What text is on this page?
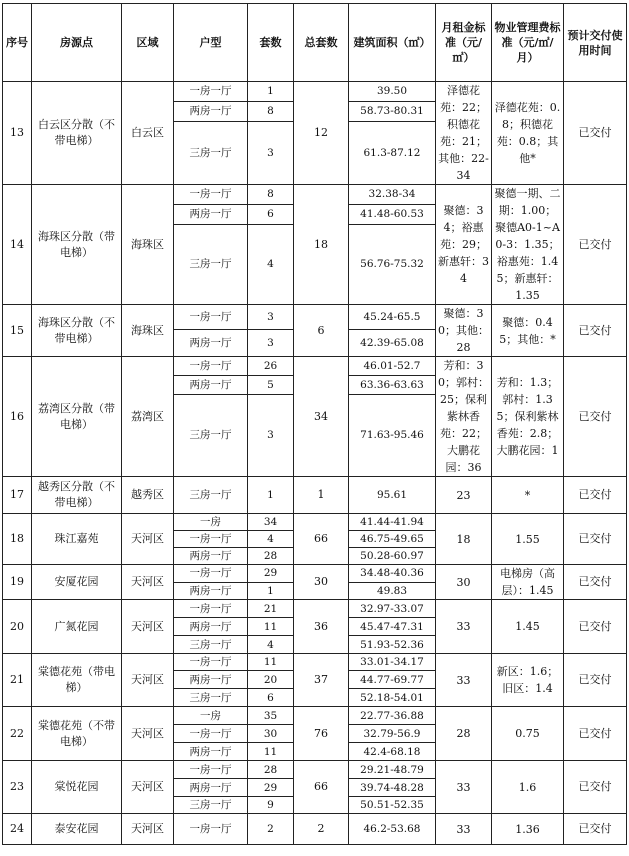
序号	房源点	区域	户型	套数	总套数	建筑面积（㎡）	月租金标准（元/㎡）	物业管理费标准（元/㎡/月）	预计交付使用时间
13	白云区分散（不带电梯）	白云区	一房一厅	1	12	39.50	泽德花苑：22；积德花苑：21；其他：22-34	泽德花苑：0.8；积德花苑：0.8；其他*	已交付
			两房一厅	8		58.73-80.31			
			三房一厅	3		61.3-87.12			
14	海珠区分散（带电梯）	海珠区	一房一厅	8	18	32.38-34	聚德：34；裕惠苑：29；新惠轩：34	聚德一期、二期：1.00；聚德A0-1~A0-3：1.35；裕惠苑：1.45；新惠轩：1.35	已交付
			两房一厅	6		41.48-60.53			
			三房一厅	4		56.76-75.32			
15	海珠区分散（不带电梯）	海珠区	一房一厅	3	6	45.24-65.5	聚德：30；其他：28	聚德：0.45；其他：*	已交付
			两房一厅	3		42.39-65.08			
16	荔湾区分散（带电梯）	荔湾区	一房一厅	26	34	46.01-52.7	芳和：30；郭村：25；保利紫林香苑：22；大鹏花园：36	芳和：1.3；郭村：1.35；保利紫林香苑：2.8；大鹏花园：1	已交付
			两房一厅	5		63.36-63.63			
			三房一厅	3		71.63-95.46			
17	越秀区分散（不带电梯）	越秀区	三房一厅	1	1	95.61	23	*	已交付
18	珠江嘉苑	天河区	一房	34	66	41.44-41.94	18	1.55	已交付
			一房一厅	4		46.75-49.65			
			两房一厅	28		50.28-60.97			
19	安厦花园	天河区	一房一厅	29	30	34.48-40.36	30	电梯房（高层）：1.45	已交付
			两房一厅	1		49.83			
20	广氮花园	天河区	一房一厅	21	36	32.97-33.07	33	1.45	已交付
			两房一厅	11		45.47-47.31			
			三房一厅	4		51.93-52.36			
21	棠德花苑（带电梯）	天河区	一房一厅	11	37	33.01-34.17	33	新区：1.6；旧区：1.4	已交付
			两房一厅	20		44.77-69.77			
			三房一厅	6		52.18-54.01			
22	棠德花苑（不带电梯）	天河区	一房	35	76	22.77-36.88	28	0.75	已交付
			一房一厅	30		32.79-56.9			
			两房一厅	11		42.4-68.18			
23	棠悦花园	天河区	一房一厅	28	66	29.21-48.79	33	1.6	已交付
			两房一厅	29		39.74-48.28			
			三房一厅	9		50.51-52.35			
24	泰安花园	天河区	一房一厅	2	2	46.2-53.68	33	1.36	已交付
